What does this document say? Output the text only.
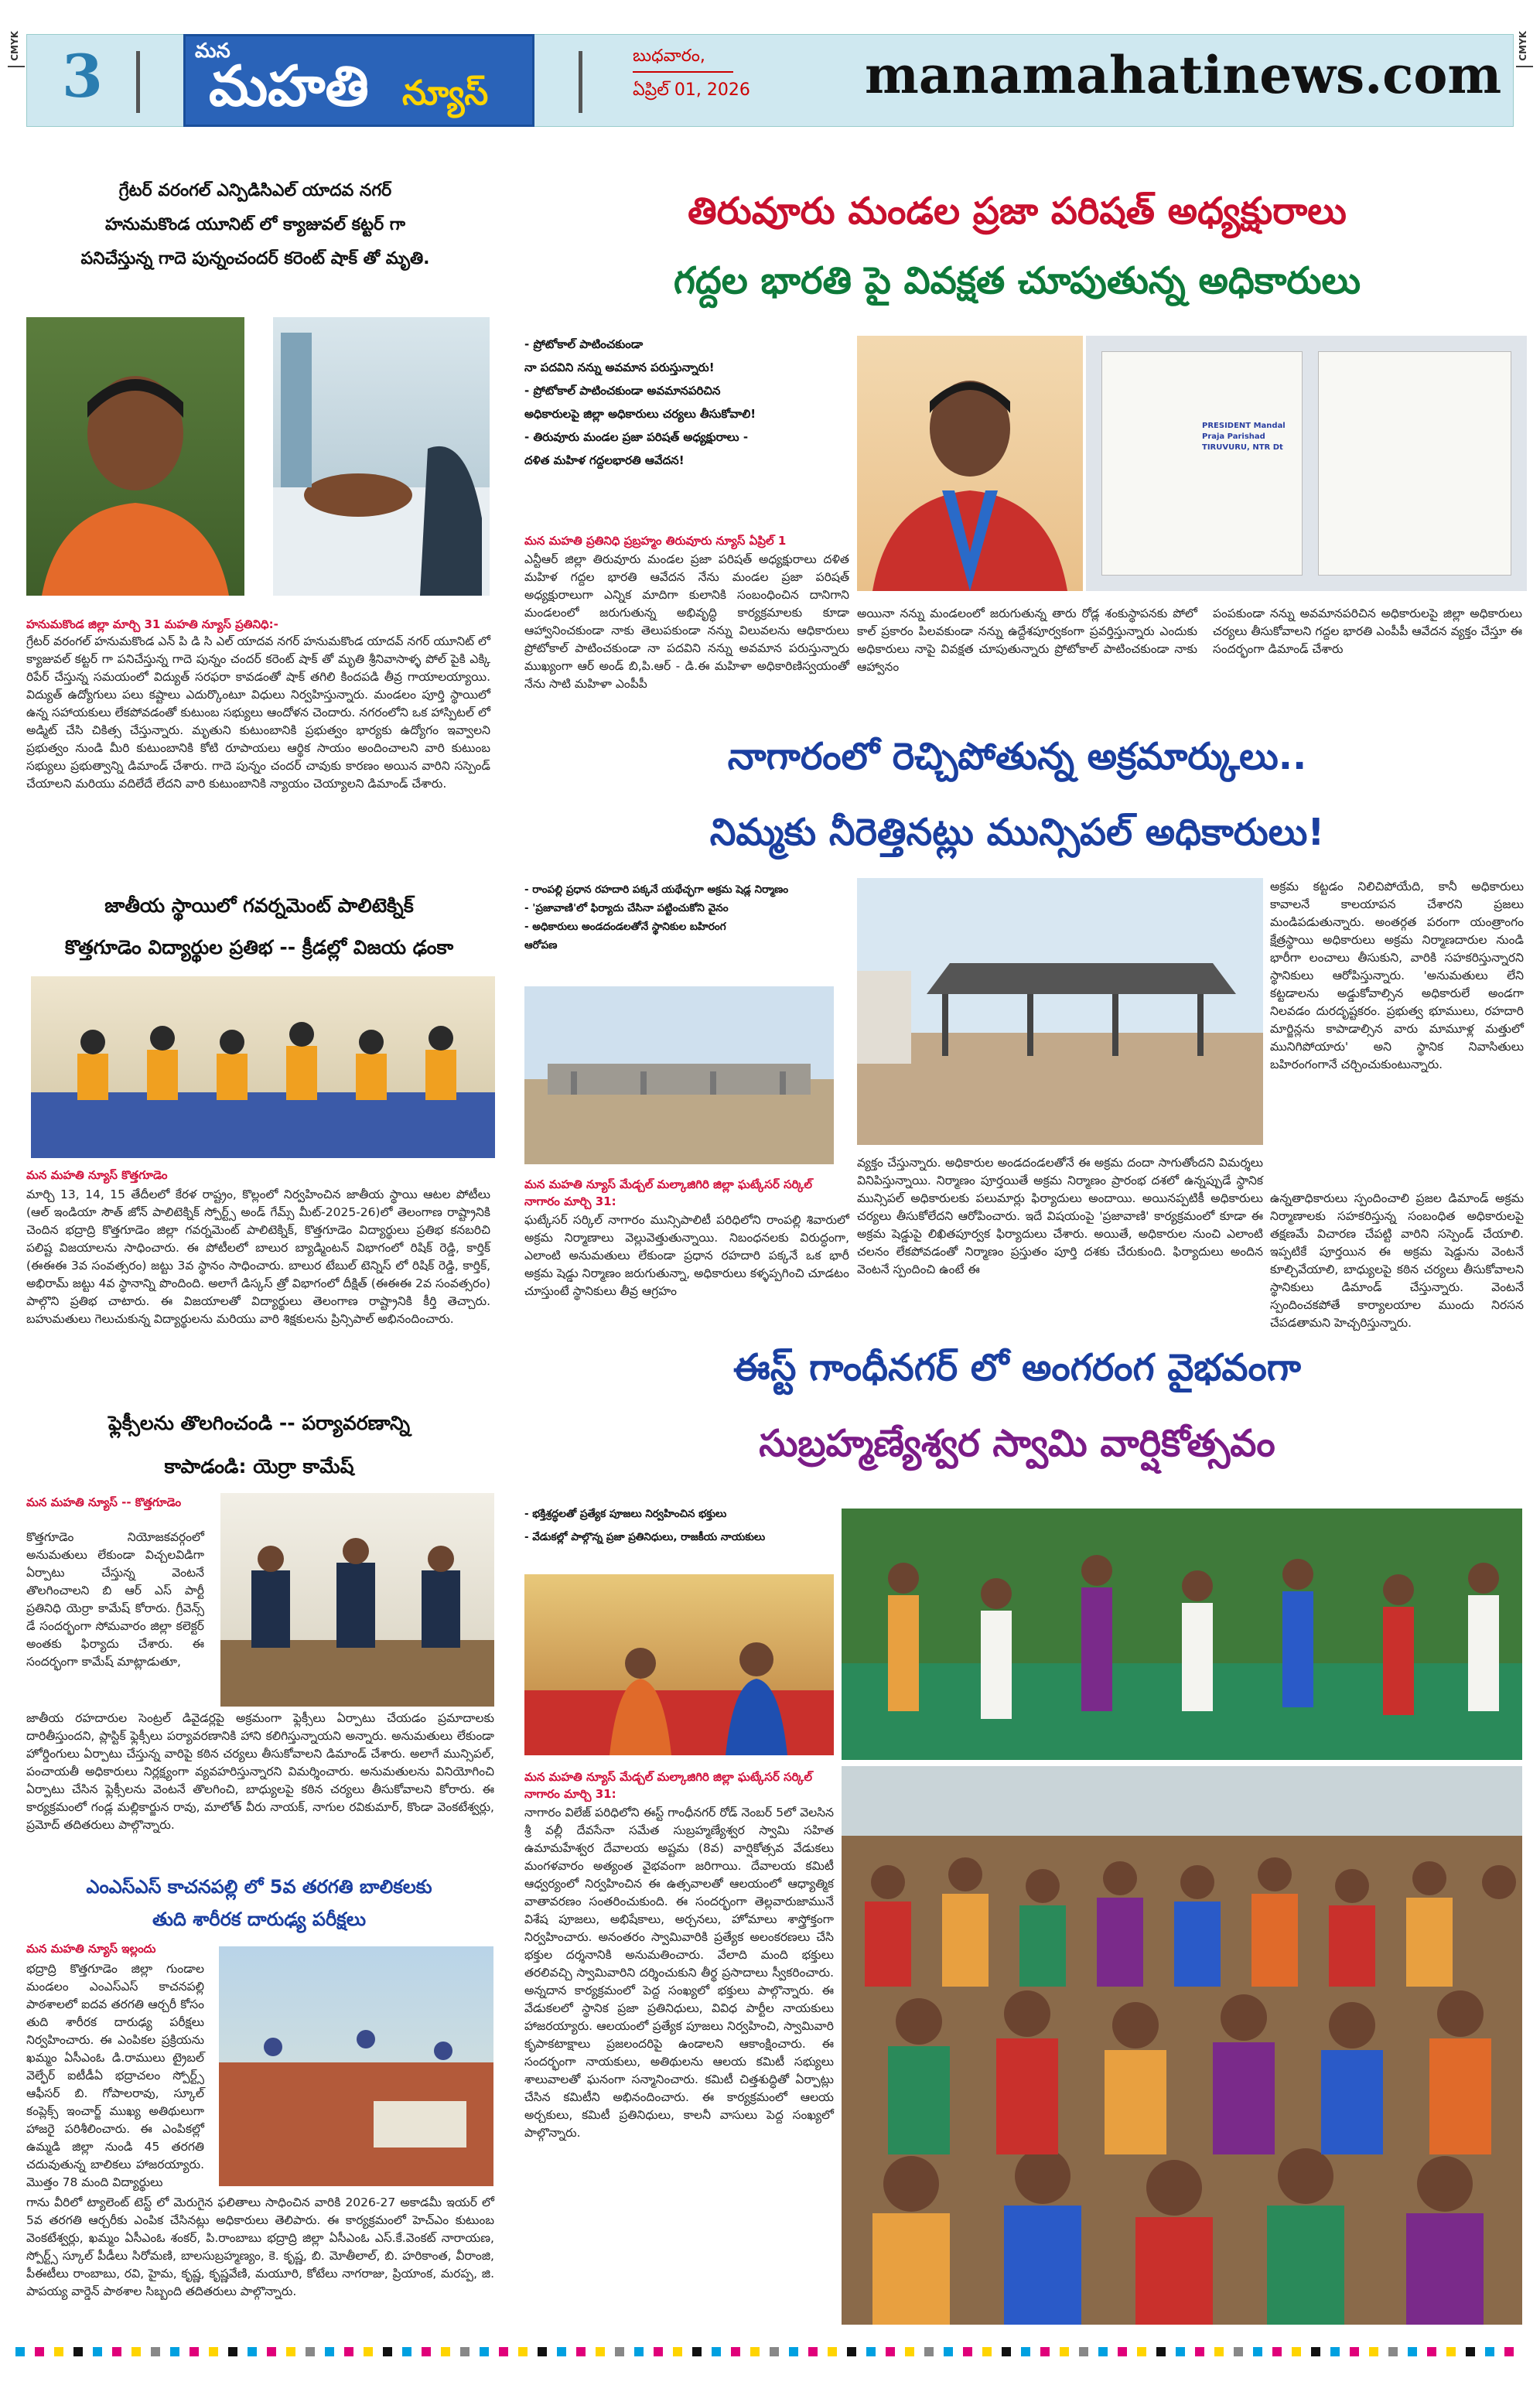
CMYK	CMYK
3	మన
మహతి న్యూస్
బుధవారం,
ఏప్రిల్ 01, 2026 manamahatinews.com
గ్రేటర్ వరంగల్ ఎన్పిడిసిఎల్ యాదవ నగర్
హనుమకొండ యూనిట్ లో క్యాజువల్ కట్టర్ గా
పనిచేస్తున్న గాదె పున్నంచందర్ కరెంట్ షాక్ తో మృతి.
హనుమకొండ జిల్లా మార్చి 31 మహతి న్యూస్ ప్రతినిధి:-
గ్రేటర్ వరంగల్ హనుమకొండ ఎన్ పి డి సి ఎల్ యాదవ నగర్ హనుమకొండ యాదవ్ నగర్ యూనిట్ లో క్యాజువల్ కట్టర్ గా పనిచేస్తున్న గాదె పున్నం చందర్ కరెంట్ షాక్ తో మృతి శ్రీనివాసాళ్ళ పోల్ పైకి ఎక్కి రిపేర్ చేస్తున్న సమయంలో విద్యుత్ సరఫరా కావడంతో షాక్ తగిలి కిందపడి తీవ్ర గాయాలయ్యాయి. విద్యుత్ ఉద్యోగులు పలు కష్టాలు ఎదుర్కొంటూ విధులు నిర్వహిస్తున్నారు. మండలం పూర్తి స్థాయిలో ఉన్న సహాయకులు లేకపోవడంతో కుటుంబ సభ్యులు ఆందోళన చెందారు. నగరంలోని ఒక హాస్పిటల్ లో అడ్మిట్ చేసి చికిత్స చేస్తున్నారు. మృతుని కుటుంబానికి ప్రభుత్వం భార్యకు ఉద్యోగం ఇవ్వాలని ప్రభుత్వం నుండి మీరి కుటుంబానికి కోటి రూపాయలు ఆర్థిక సాయం అందించాలని వారి కుటుంబ సభ్యులు ప్రభుత్వాన్ని డిమాండ్ చేశారు. గాదె పున్నం చందర్ చావుకు కారణం అయిన వారిని సస్పెండ్ చేయాలని మరియు వదిలేదే లేదని వారి కుటుంబానికి న్యాయం చెయ్యాలని డిమాండ్ చేశారు.
జాతీయ స్థాయిలో గవర్నమెంట్ పాలిటెక్నిక్
కొత్తగూడెం విద్యార్థుల ప్రతిభ -- క్రీడల్లో విజయ ఢంకా
మన మహతి న్యూస్ కొత్తగూడెం
మార్చి 13, 14, 15 తేదీలలో కేరళ రాష్ట్రం, కొల్లంలో నిర్వహించిన జాతీయ స్థాయి ఆటల పోటీలు (ఆల్ ఇండియా సౌత్ జోన్ పాలిటెక్నిక్ స్పోర్ట్స్ అండ్ గేమ్స్ మీట్-2025-26)లో తెలంగాణ రాష్ట్రానికి చెందిన భద్రాద్రి కొత్తగూడెం జిల్లా గవర్నమెంట్ పాలిటెక్నిక్, కొత్తగూడెం విద్యార్థులు ప్రతిభ కనబరిచి పలిష్ట విజయాలను సాధించారు. ఈ పోటీలలో బాలుర బ్యాడ్మింటన్ విభాగంలో రిషిక్ రెడ్డి, కార్తిక్ (ఈఈఈ 3వ సంవత్సరం) జట్టు 3వ స్థానం సాధించారు. బాలుర టేబుల్ టెన్నిస్ లో రిషిక్ రెడ్డి, కార్తిక్, అభిరామ్ జట్టు 4వ స్థానాన్ని పొందింది. అలాగే డిస్కస్ త్రో విభాగంలో దీక్షిత్ (ఈఈఈ 2వ సంవత్సరం) పాల్గొని ప్రతిభ చాటారు. ఈ విజయాలతో విద్యార్థులు తెలంగాణ రాష్ట్రానికి కీర్తి తెచ్చారు. బహుమతులు గెలుచుకున్న విద్యార్థులను మరియు వారి శిక్షకులను ప్రిన్సిపాల్ అభినందించారు.
ఫ్లెక్సీలను తొలగించండి -- పర్యావరణాన్ని
కాపాడండి: యెర్రా కామేష్
మన మహతి న్యూస్ -- కొత్తగూడెం
కొత్తగూడెం నియోజకవర్గంలో అనుమతులు లేకుండా విచ్చలవిడిగా ఏర్పాటు చేస్తున్న వెంటనే తొలగించాలని బి ఆర్ ఎస్ పార్టీ ప్రతినిధి యెర్రా కామేష్ కోరారు. గ్రీవెన్స్ డే సందర్భంగా సోమవారం జిల్లా కలెక్టర్ అంతకు ఫిర్యాదు చేశారు. ఈ సందర్భంగా కామేష్ మాట్లాడుతూ,
జాతీయ రహదారుల సెంట్రల్ డివైడర్లపై అక్రమంగా ఫ్లెక్సీలు ఏర్పాటు చేయడం ప్రమాదాలకు దారితీస్తుందని, ప్లాస్టిక్ ఫ్లెక్సీలు పర్యావరణానికి హాని కలిగిస్తున్నాయని అన్నారు. అనుమతులు లేకుండా హోర్డింగులు ఏర్పాటు చేస్తున్న వారిపై కఠిన చర్యలు తీసుకోవాలని డిమాండ్ చేశారు. అలాగే మున్సిపల్, పంచాయతీ అధికారులు నిర్లక్ష్యంగా వ్యవహరిస్తున్నారని విమర్శించారు. అనుమతులను వినియోగించి ఏర్పాటు చేసిన ఫ్లెక్సీలను వెంటనే తొలగించి, బాధ్యులపై కఠిన చర్యలు తీసుకోవాలని కోరారు. ఈ కార్యక్రమంలో గండ్ల మల్లికార్జున రావు, మాలోత్ వీరు నాయక్, నాగుల రవికుమార్, కొండా వెంకటేశ్వర్లు, ప్రమోద్ తదితరులు పాల్గొన్నారు.
ఎంఎస్ఎస్ కాచనపల్లి లో 5వ తరగతి బాలికలకు
తుది శారీరక దారుఢ్య పరీక్షలు
మన మహతి న్యూస్ ఇల్లందు
భద్రాద్రి కొత్తగూడెం జిల్లా గుండాల మండలం ఎంఎస్ఎస్ కాచనపల్లి పాఠశాలలో ఐదవ తరగతి ఆర్చరీ కోసం తుది శారీరక దారుఢ్య పరీక్షలు నిర్వహించారు. ఈ ఎంపికల ప్రక్రియను ఖమ్మం ఏసీఎంఓ డి.రాములు ట్రైబల్ వెల్ఫేర్ ఐటీడీఏ భద్రాచలం స్పోర్ట్స్ ఆఫీసర్ బి. గోపాలరావు, స్కూల్ కంప్లెక్స్ ఇంచార్జ్ ముఖ్య అతిథులుగా హాజరై పరిశీలించారు. ఈ ఎంపికల్లో ఉమ్మడి జిల్లా నుండి 45 తరగతి చదువుతున్న బాలికలు హాజరయ్యారు. మొత్తం 78 మంది విద్యార్థులు
గాను వీరిలో ట్యాలెంట్ టెస్ట్ లో మెరుగైన ఫలితాలు సాధించిన వారికి 2026-27 అకాడమీ ఇయర్ లో 5వ తరగతి ఆర్చరీకు ఎంపిక చేసినట్లు అధికారులు తెలిపారు. ఈ కార్యక్రమంలో హెచ్ఎం కుటుంబ వెంకటేశ్వర్లు, ఖమ్మం ఏసీఎంఓ శంకర్, పి.రాంబాబు భద్రాద్రి జిల్లా ఏసీఎంఓ ఎస్.కే.వెంకట్ నారాయణ, స్పోర్ట్స్ స్కూల్ పీడీలు సిరోమణి, బాలసుబ్రహ్మణ్యం, కె. కృష్ణ, బి. మోతీలాల్, బి. హరికాంత, వీరాంజి, పీఈటీలు రాంబాబు, రవి, హైమ, కృష్ణ, కృష్ణవేణి, మయూరి, కోటేలు నాగరాజు, ప్రియాంక, మరప్ప, జి. పాపయ్య వార్డెన్ పాఠశాల సిబ్బంది తదితరులు పాల్గొన్నారు.
తిరువూరు మండల ప్రజా పరిషత్ అధ్యక్షురాలు
గద్దల భారతి పై వివక్షత చూపుతున్న అధికారులు
- ప్రోటోకాల్ పాటించకుండా
నా పదవిని నన్ను అవమాన పరుస్తున్నారు!
- ప్రోటోకాల్ పాటించకుండా అవమానపరిచిన
అధికారులపై జిల్లా అధికారులు చర్యలు తీసుకోవాలి!
- తిరువూరు మండల ప్రజా పరిషత్ అధ్యక్షురాలు -
దళిత మహిళ గద్దలభారతి ఆవేదన!
PRESIDENT Mandal Praja Parishad TIRUVURU, NTR Dt
మన మహతి ప్రతినిధి ప్రబ్రహ్మం తిరువూరు న్యూస్ ఏప్రిల్ 1
ఎన్టీఆర్ జిల్లా తిరువూరు మండల ప్రజా పరిషత్ అధ్యక్షురాలు దళిత మహిళ గద్దల భారతి ఆవేదన నేను మండల ప్రజా పరిషత్ అధ్యక్షురాలుగా ఎన్నిక మాదిగా కులానికి సంబంధించిన దానిగాని మండలంలో జరుగుతున్న అభివృద్ధి కార్యక్రమాలకు కూడా ఆహ్వానించకుండా నాకు తెలుపకుండా నన్ను విలువలను ఆధికారులు ప్రోటోకాల్ పాటించకుండా నా పదవిని నన్ను అవమాన పరుస్తున్నారు ముఖ్యంగా ఆర్ అండ్ బి,పి.ఆర్ - డి.ఈ మహిళా అధికారిణిస్వయంతో నేను సాటి మహిళా ఎంపీపీ
అయినా నన్ను మండలంలో జరుగుతున్న తారు రోడ్ల శంకుస్థాపనకు పోలో కాల్ ప్రకారం పిలవకుండా నన్ను ఉద్దేశపూర్వకంగా ప్రవర్తిస్తున్నారు ఎందుకు అధికారులు నాపై వివక్షత చూపుతున్నారు ప్రోటోకాల్ పాటించకుండా నాకు ఆహ్వానం
పంపకుండా నన్ను అవమానపరిచిన అధికారులపై జిల్లా అధికారులు చర్యలు తీసుకోవాలని గద్దల భారతి ఎంపీపీ ఆవేదన వ్యక్తం చేస్తూ ఈ సందర్భంగా డిమాండ్ చేశారు
నాగారంలో రెచ్చిపోతున్న అక్రమార్కులు..
నిమ్మకు నీరెత్తినట్లు మున్సిపల్ అధికారులు!
- రాంపల్లి ప్రధాన రహదారి పక్కనే యథేచ్ఛగా అక్రమ షెడ్ల నిర్మాణం
- 'ప్రజావాణి'లో ఫిర్యాదు చేసినా పట్టించుకోని వైనం
- అధికారులు అండదండలతోనే స్థానికుల బహిరంగ
ఆరోపణ
అక్రమ కట్టడం నిలిచిపోయేది, కానీ అధికారులు కావాలనే కాలయాపన చేశారని ప్రజలు మండిపడుతున్నారు. అంతర్గత పరంగా యంత్రాంగం క్షేత్రస్థాయి అధికారులు అక్రమ నిర్మాణదారుల నుండి భారీగా లంచాలు తీసుకుని, వారికి సహకరిస్తున్నారని స్థానికులు ఆరోపిస్తున్నారు. 'అనుమతులు లేని కట్టడాలను అడ్డుకోవాల్సిన అధికారులే అండగా నిలవడం దురదృష్టకరం. ప్రభుత్వ భూములు, రహదారి మార్జిన్లను కాపాడాల్సిన వారు మామూళ్ల మత్తులో మునిగిపోయారు' అని స్థానిక నివాసితులు బహిరంగంగానే చర్చించుకుంటున్నారు.
మన మహతి న్యూస్ మేడ్చల్ మల్కాజిగిరి జిల్లా ఘట్కేసర్ సర్కిల్ నాగారం మార్చి 31:
ఘట్కేసర్ సర్కిల్ నాగారం మున్సిపాలిటీ పరిధిలోని రాంపల్లి శివారులో అక్రమ నిర్మాణాలు వెల్లువెత్తుతున్నాయి. నిబంధనలకు విరుద్ధంగా, ఎలాంటి అనుమతులు లేకుండా ప్రధాన రహదారి పక్కనే ఒక భారీ అక్రమ షెడ్డు నిర్మాణం జరుగుతున్నా, అధికారులు కళ్ళప్పగించి చూడటం చూస్తుంటే స్థానికులు తీవ్ర ఆగ్రహం
వ్యక్తం చేస్తున్నారు. అధికారుల అండదండలతోనే ఈ అక్రమ దందా సాగుతోందని విమర్శలు వినిపిస్తున్నాయి. నిర్మాణం పూర్తయితే అక్రమ నిర్మాణం ప్రారంభ దశలో ఉన్నప్పుడే స్థానిక మున్సిపల్ అధికారులకు పలుమార్లు ఫిర్యాదులు అందాయి. అయినప్పటికీ అధికారులు చర్యలు తీసుకోలేదని ఆరోపించారు. ఇదే విషయంపై 'ప్రజావాణి' కార్యక్రమంలో కూడా ఈ అక్రమ షెడ్డుపై లిఖితపూర్వక ఫిర్యాదులు చేశారు. అయితే, అధికారుల నుంచి ఎలాంటి చలనం లేకపోవడంతో నిర్మాణం ప్రస్తుతం పూర్తి దశకు చేరుకుంది. ఫిర్యాదులు అందిన వెంటనే స్పందించి ఉంటే ఈ
ఉన్నతాధికారులు స్పందించాలి ప్రజల డిమాండ్ అక్రమ నిర్మాణాలకు సహకరిస్తున్న సంబంధిత అధికారులపై తక్షణమే విచారణ చేపట్టి వారిని సస్పెండ్ చేయాలి. ఇప్పటికే పూర్తయిన ఈ అక్రమ షెడ్డును వెంటనే కూల్చివేయాలి, బాధ్యులపై కఠిన చర్యలు తీసుకోవాలని స్థానికులు డిమాండ్ చేస్తున్నారు. వెంటనే స్పందించకపోతే కార్యాలయాల ముందు నిరసన చేపడతామని హెచ్చరిస్తున్నారు.
ఈస్ట్ గాంధీనగర్ లో అంగరంగ వైభవంగా
సుబ్రహ్మణ్యేశ్వర స్వామి వార్షికోత్సవం
- భక్తిశ్రద్ధలతో ప్రత్యేక పూజలు నిర్వహించిన భక్తులు
- వేడుకల్లో పాల్గొన్న ప్రజా ప్రతినిధులు, రాజకీయ నాయకులు
మన మహతి న్యూస్ మేడ్చల్ మల్కాజిగిరి జిల్లా ఘట్కేసర్ సర్కిల్ నాగారం మార్చి 31:
నాగారం విలేజ్ పరిధిలోని ఈస్ట్ గాంధీనగర్ రోడ్ నెంబర్ 5లో వెలసిన శ్రీ వల్లీ దేవసేనా సమేత సుబ్రహ్మణ్యేశ్వర స్వామి సహిత ఉమామహేశ్వర దేవాలయ అష్టమ (8వ) వార్షికోత్సవ వేడుకలు మంగళవారం అత్యంత వైభవంగా జరిగాయి. దేవాలయ కమిటీ ఆధ్వర్యంలో నిర్వహించిన ఈ ఉత్సవాలతో ఆలయంలో ఆధ్యాత్మిక వాతావరణం సంతరించుకుంది. ఈ సందర్భంగా తెల్లవారుజామునే విశేష పూజలు, అభిషేకాలు, అర్చనలు, హోమాలు శాస్త్రోక్తంగా నిర్వహించారు. అనంతరం స్వామివారికి ప్రత్యేక అలంకరణలు చేసి భక్తుల దర్శనానికి అనుమతించారు. వేలాది మంది భక్తులు తరలివచ్చి స్వామివారిని దర్శించుకుని తీర్థ ప్రసాదాలు స్వీకరించారు. అన్నదాన కార్యక్రమంలో పెద్ద సంఖ్యలో భక్తులు పాల్గొన్నారు. ఈ వేడుకలలో స్థానిక ప్రజా ప్రతినిధులు, వివిధ పార్టీల నాయకులు హాజరయ్యారు. ఆలయంలో ప్రత్యేక పూజలు నిర్వహించి, స్వామివారి కృపాకటాక్షాలు ప్రజలందరిపై ఉండాలని ఆకాంక్షించారు. ఈ సందర్భంగా నాయకులు, అతిథులను ఆలయ కమిటీ సభ్యులు శాలువాలతో ఘనంగా సన్మానించారు. కమిటీ చిత్తశుద్ధితో ఏర్పాట్లు చేసిన కమిటీని అభినందించారు. ఈ కార్యక్రమంలో ఆలయ అర్చకులు, కమిటీ ప్రతినిధులు, కాలనీ వాసులు పెద్ద సంఖ్యలో పాల్గొన్నారు.
